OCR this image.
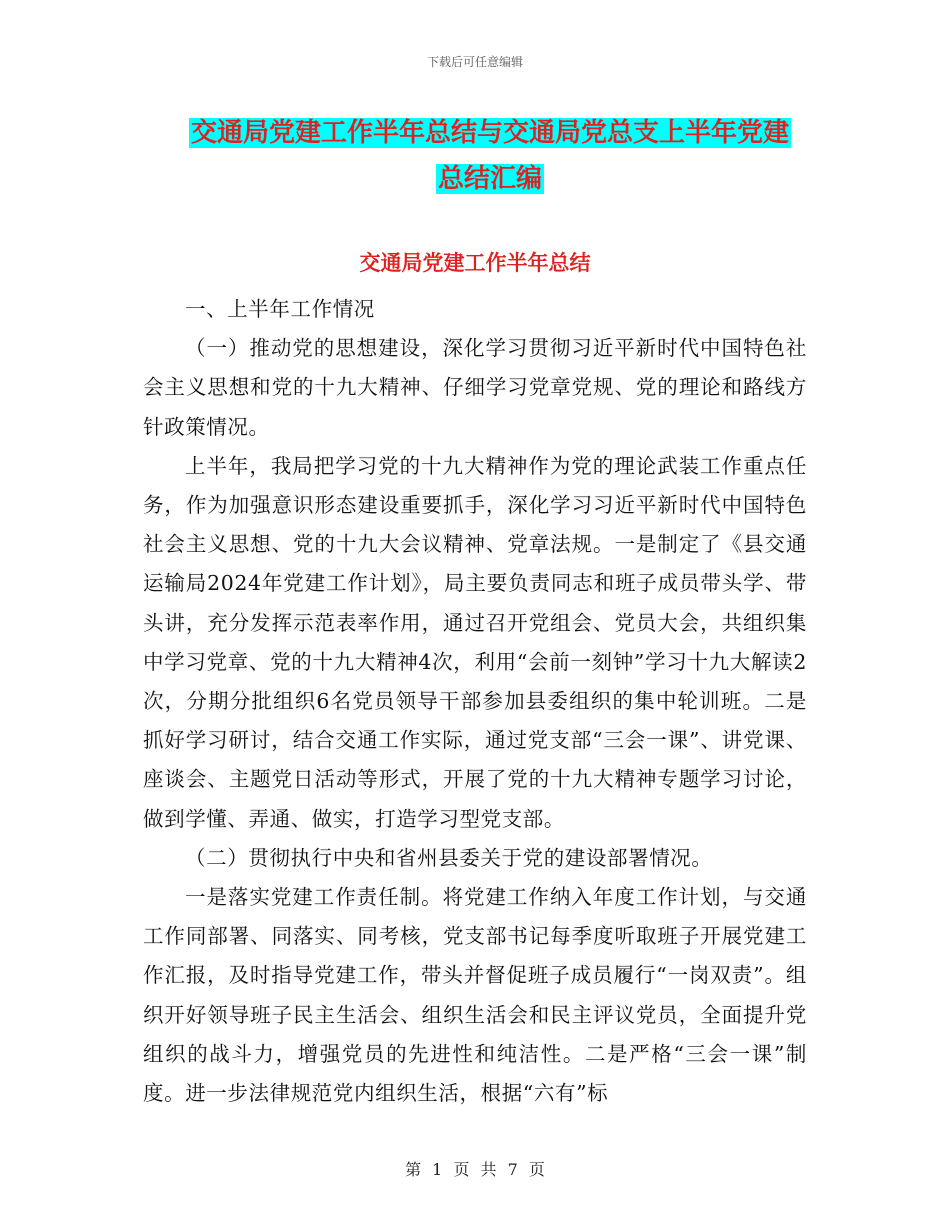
下载后可任意编辑
交通局党建工作半年总结与交通局党总支上半年党建
总结汇编
交通局党建工作半年总结

一、上半年工作情况

（一）推动党的思想建设，深化学习贯彻习近平新时代中国特色社会主义思想和党的十九大精神、仔细学习党章党规、党的理论和路线方针政策情况。

上半年，我局把学习党的十九大精神作为党的理论武装工作重点任务，作为加强意识形态建设重要抓手，深化学习习近平新时代中国特色社会主义思想、党的十九大会议精神、党章法规。一是制定了《县交通运输局2024年党建工作计划》，局主要负责同志和班子成员带头学、带头讲，充分发挥示范表率作用，通过召开党组会、党员大会，共组织集中学习党章、党的十九大精神4次，利用“会前一刻钟”学习十九大解读2次，分期分批组织6名党员领导干部参加县委组织的集中轮训班。二是抓好学习研讨，结合交通工作实际，通过党支部“三会一课”、讲党课、座谈会、主题党日活动等形式，开展了党的十九大精神专题学习讨论，做到学懂、弄通、做实，打造学习型党支部。

（二）贯彻执行中央和省州县委关于党的建设部署情况。

一是落实党建工作责任制。将党建工作纳入年度工作计划，与交通工作同部署、同落实、同考核，党支部书记每季度听取班子开展党建工作汇报，及时指导党建工作，带头并督促班子成员履行“一岗双责”。组织开好领导班子民主生活会、组织生活会和民主评议党员，全面提升党组织的战斗力，增强党员的先进性和纯洁性。二是严格“三会一课”制度。进一步法律规范党内组织生活，根据“六有”标

第 1 页 共 7 页
